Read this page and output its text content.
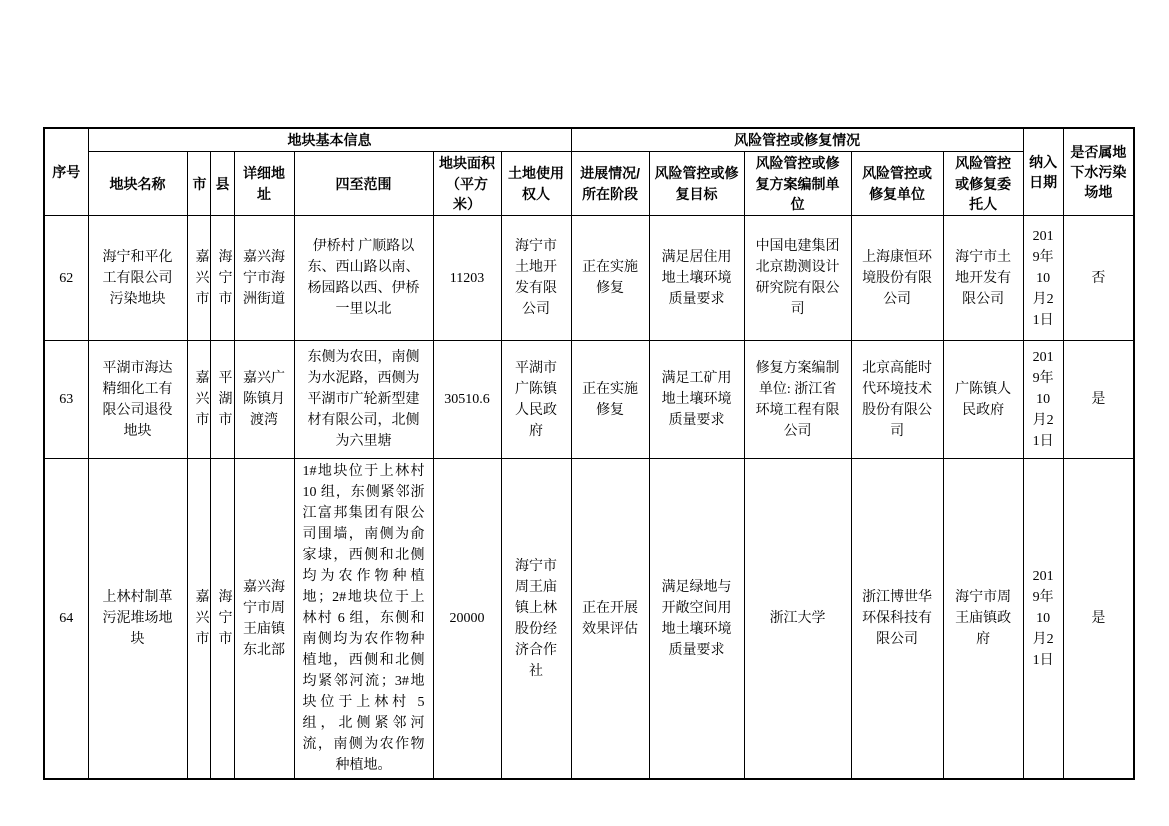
序号	地块基本信息							风险管控或修复情况					纳入日期	是否属地下水污染场地
	地块名称	市	县	详细地址	四至范围	地块面积（平方米）	土地使用权人	进展情况/所在阶段	风险管控或修复目标	风险管控或修复方案编制单位	风险管控或修复单位	风险管控或修复委托人		
62	海宁和平化工有限公司污染地块	嘉兴市	海宁市	嘉兴海宁市海洲街道	伊桥村 广顺路以东、西山路以南、杨园路以西、伊桥一里以北	11203	海宁市土地开发有限公司	正在实施修复	满足居住用地土壤环境质量要求	中国电建集团北京勘测设计研究院有限公司	上海康恒环境股份有限公司	海宁市土地开发有限公司	2019年10月21日	否
63	平湖市海达精细化工有限公司退役地块	嘉兴市	平湖市	嘉兴广陈镇月渡湾	东侧为农田，南侧为水泥路，西侧为平湖市广轮新型建材有限公司，北侧为六里塘	30510.6	平湖市广陈镇人民政府	正在实施修复	满足工矿用地土壤环境质量要求	修复方案编制单位: 浙江省环境工程有限公司	北京高能时代环境技术股份有限公司	广陈镇人民政府	2019年10月21日	是
64	上林村制革污泥堆场地块	嘉兴市	海宁市	嘉兴海宁市周王庙镇东北部	1#地块位于上林村 10 组，东侧紧邻浙江富邦集团有限公司围墙，南侧为俞家埭，西侧和北侧均为农作物种植地；2#地块位于上林村 6 组，东侧和南侧均为农作物种植地，西侧和北侧均紧邻河流；3#地块位于上林村 5 组，北侧紧邻河流，南侧为农作物种植地。	20000	海宁市周王庙镇上林股份经济合作社	正在开展效果评估	满足绿地与开敞空间用地土壤环境质量要求	浙江大学	浙江博世华环保科技有限公司	海宁市周王庙镇政府	2019年10月21日	是
